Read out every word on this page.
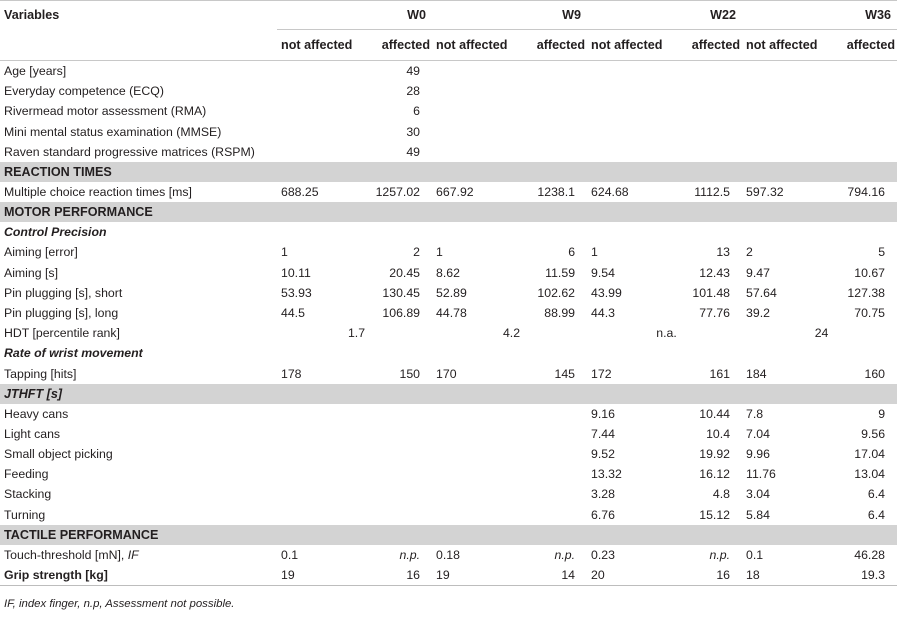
Variables	W0		W9		W22		W36	
	not affected	affected	not affected	affected	not affected	affected	not affected	affected
Age [years]		49						
Everyday competence (ECQ)		28						
Rivermead motor assessment (RMA)		6						
Mini mental status examination (MMSE)		30						
Raven standard progressive matrices (RSPM)		49						
REACTION TIMES								
Multiple choice reaction times [ms]	688.25	1257.02	667.92	1238.1	624.68	1112.5	597.32	794.16
MOTOR PERFORMANCE								
Control Precision								
Aiming [error]	1	2	1	6	1	13	2	5
Aiming [s]	10.11	20.45	8.62	11.59	9.54	12.43	9.47	10.67
Pin plugging [s], short	53.93	130.45	52.89	102.62	43.99	101.48	57.64	127.38
Pin plugging [s], long	44.5	106.89	44.78	88.99	44.3	77.76	39.2	70.75
HDT [percentile rank]	1.7		4.2		n.a.		24	
Rate of wrist movement								
Tapping [hits]	178	150	170	145	172	161	184	160
JTHFT [s]								
Heavy cans					9.16	10.44	7.8	9
Light cans					7.44	10.4	7.04	9.56
Small object picking					9.52	19.92	9.96	17.04
Feeding					13.32	16.12	11.76	13.04
Stacking					3.28	4.8	3.04	6.4
Turning					6.76	15.12	5.84	6.4
TACTILE PERFORMANCE								
Touch-threshold [mN], IF	0.1	n.p.	0.18	n.p.	0.23	n.p.	0.1	46.28
Grip strength [kg]	19	16	19	14	20	16	18	19.3
IF, index finger, n.p, Assessment not possible.
